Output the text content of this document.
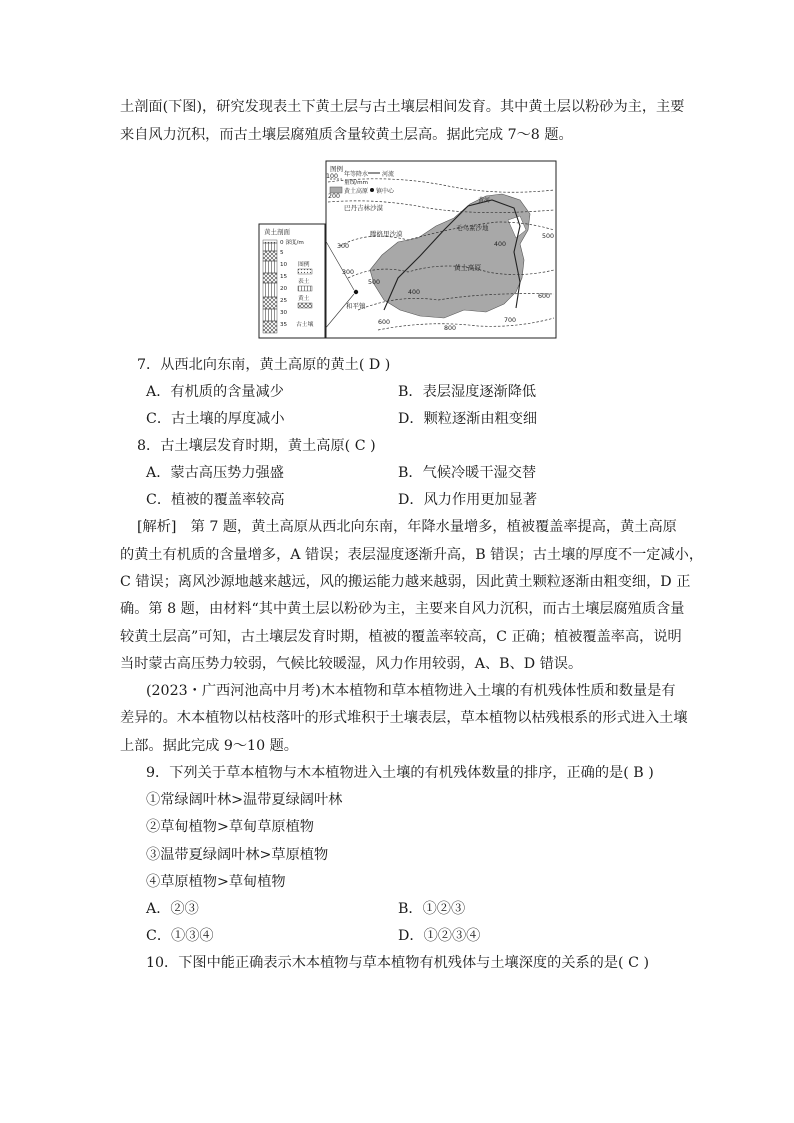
土剖面(下图)，研究发现表土下黄土层与古土壤层相间发育。其中黄土层以粉砂为主，主要
来自风力沉积，而古土壤层腐殖质含量较黄土层高。据此完成 7～8 题。
图例
年等降水
量线/mm
河流
黄土高原 镇中心
100
200
300
300
400
400
500
500
600
600
700
800
巴丹吉林沙漠
腾格里沙漠
毛乌素沙地
黄河
黄土高原
和平镇
黄土剖面
0 深度/m
5
10
15
20
25
30
35
图例
表土
黄土
古土壤
7．从西北向东南，黄土高原的黄土( D )
A．有机质的含量减少	B．表层湿度逐渐降低
C．古土壤的厚度减小	D．颗粒逐渐由粗变细
8．古土壤层发育时期，黄土高原( C )
A．蒙古高压势力强盛	B．气候冷暖干湿交替
C．植被的覆盖率较高	D．风力作用更加显著
[解析]　第 7 题，黄土高原从西北向东南，年降水量增多，植被覆盖率提高，黄土高原
的黄土有机质的含量增多，A 错误；表层湿度逐渐升高，B 错误；古土壤的厚度不一定减小，
C 错误；离风沙源地越来越远，风的搬运能力越来越弱，因此黄土颗粒逐渐由粗变细，D 正
确。第 8 题，由材料“其中黄土层以粉砂为主，主要来自风力沉积，而古土壤层腐殖质含量
较黄土层高”可知，古土壤层发育时期，植被的覆盖率较高，C 正确；植被覆盖率高，说明
当时蒙古高压势力较弱，气候比较暖湿，风力作用较弱，A、B、D 错误。
(2023・广西河池高中月考)木本植物和草本植物进入土壤的有机残体性质和数量是有
差异的。木本植物以枯枝落叶的形式堆积于土壤表层，草本植物以枯残根系的形式进入土壤
上部。据此完成 9～10 题。
9．下列关于草本植物与木本植物进入土壤的有机残体数量的排序，正确的是( B )
①常绿阔叶林>温带夏绿阔叶林
②草甸植物>草甸草原植物
③温带夏绿阔叶林>草原植物
④草原植物>草甸植物
A．②③	B．①②③
C．①③④	D．①②③④
10．下图中能正确表示木本植物与草本植物有机残体与土壤深度的关系的是( C )
